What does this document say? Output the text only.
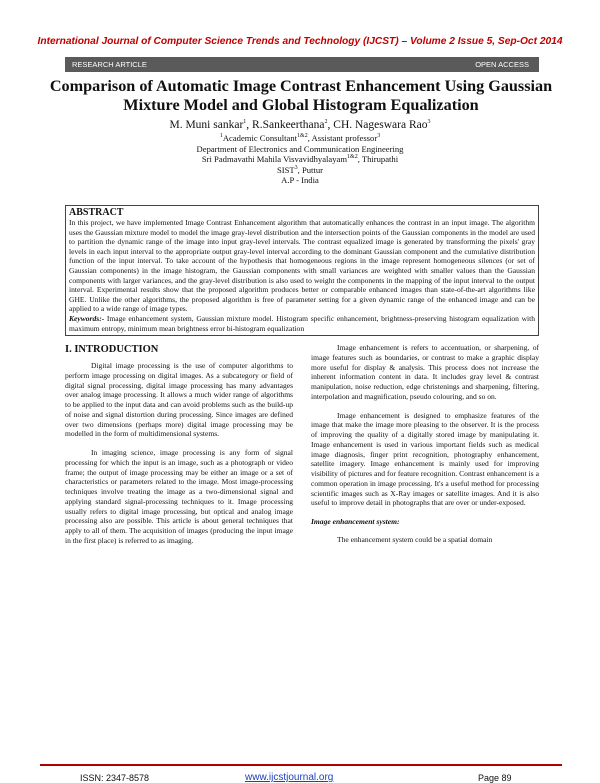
International Journal of Computer Science Trends and Technology (IJCST) – Volume 2 Issue 5, Sep-Oct 2014
RESEARCH ARTICLE	OPEN ACCESS
Comparison of Automatic Image Contrast Enhancement Using Gaussian Mixture Model and Global Histogram Equalization
M. Muni sankar$^1$, R.Sankeerthana$^2$, CH. Nageswara Rao$^3$
$^1$Academic Consultant$^{1\&2}$, Assistant professor$^3$
Department of Electronics and Communication Engineering
Sri Padmavathi Mahila Visvavidhyalayam$^{1\&2}$, Thirupathi
SIST$^3$, Puttur
A.P - India
ABSTRACT

In this project, we have implemented Image Contrast Enhancement algorithm that automatically enhances the contrast in an input image. The algorithm uses the Gaussian mixture model to model the image gray-level distribution and the intersection points of the Gaussian components in the model are used to partition the dynamic range of the image into input gray-level intervals. The contrast equalized image is generated by transforming the pixels' gray levels in each input interval to the appropriate output gray-level interval according to the dominant Gaussian component and the cumulative distribution function of the input interval. To take account of the hypothesis that homogeneous regions in the image represent homogeneous silences (or set of Gaussian components) in the image histogram, the Gaussian components with small variances are weighted with smaller values than the Gaussian components with larger variances, and the gray-level distribution is also used to weight the components in the mapping of the input interval to the output interval. Experimental results show that the proposed algorithm produces better or comparable enhanced images than state-of-the-art algorithms like GHE. Unlike the other algorithms, the proposed algorithm is free of parameter setting for a given dynamic range of the enhanced image and can be applied to a wide range of image types.

Keywords:- Image enhancement system, Gaussian mixture model. Histogram specific enhancement, brightness-preserving histogram equalization with maximum entropy, minimum mean brightness error bi-histogram equalization

I. INTRODUCTION

Digital image processing is the use of computer algorithms to perform image processing on digital images. As a subcategory or field of digital signal processing, digital image processing has many advantages over analog image processing. It allows a much wider range of algorithms to be applied to the input data and can avoid problems such as the build-up of noise and signal distortion during processing. Since images are defined over two dimensions (perhaps more) digital image processing may be modelled in the form of multidimensional systems.

In imaging science, image processing is any form of signal processing for which the input is an image, such as a photograph or video frame; the output of image processing may be either an image or a set of characteristics or parameters related to the image. Most image-processing techniques involve treating the image as a two-dimensional signal and applying standard signal-processing techniques to it. Image processing usually refers to digital image processing, but optical and analog image processing also are possible. This article is about general techniques that apply to all of them. The acquisition of images (producing the input image in the first place) is referred to as imaging.

Image enhancement is refers to accentuation, or sharpening, of image features such as boundaries, or contrast to make a graphic display more useful for display & analysis. This process does not increase the inherent information content in data. It includes gray level & contrast manipulation, noise reduction, edge christenings and sharpening, filtering, interpolation and magnification, pseudo colouring, and so on.

Image enhancement is designed to emphasize features of the image that make the image more pleasing to the observer. It is the process of improving the quality of a digitally stored image by manipulating it. Image enhancement is used in various important fields such as medical image diagnosis, finger print recognition, photography enhancement, satellite imagery. Image enhancement is mainly used for improving visibility of pictures and for feature recognition. Contrast enhancement is a common operation in image processing. It's a useful method for processing scientific images such as X-Ray images or satellite images. And it is also useful to improve detail in photographs that are over or under-exposed.

Image enhancement system:

The enhancement system could be a spatial domain

ISSN: 2347-8578	www.ijcstjournal.org	Page 89
